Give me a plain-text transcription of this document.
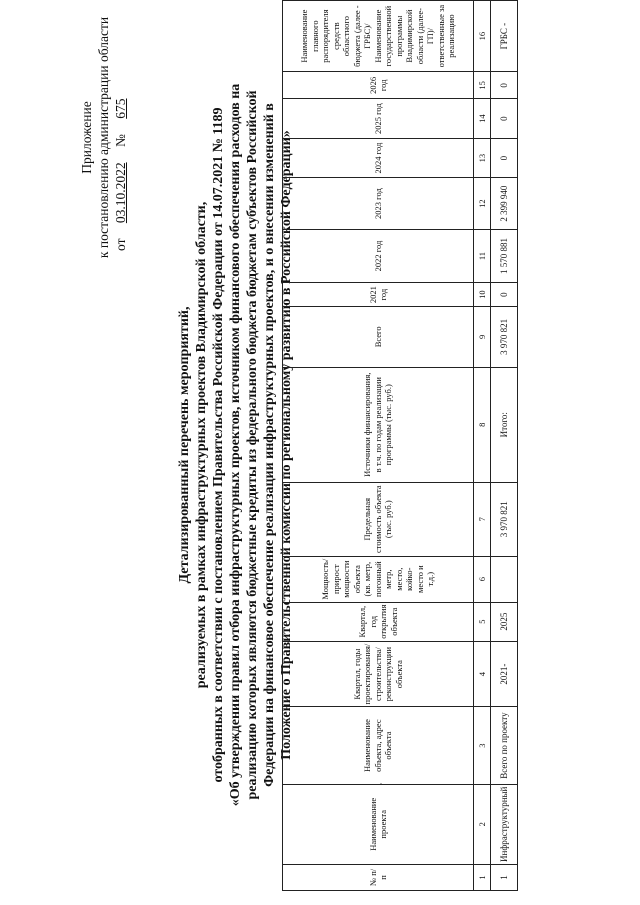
Приложение к постановлению администрации области от 03.10.2022 № 675
Детализированный перечень мероприятий, реализуемых в рамках инфраструктурных проектов Владимирской области, отобранных в соответствии с постановлением Правительства Российской Федерации от 14.07.2021 № 1189 «Об утверждении правил отбора инфраструктурных проектов, источником финансового обеспечения расходов на реализацию которых являются бюджетные кредиты из федерального бюджета бюджетам субъектов Российской Федерации на финансовое обеспечение реализации инфраструктурных проектов, и о внесении изменений в Положение о Правительственной комиссии по региональному развитию в Российской Федерации»
№ п/п	Наименование проекта	Наименование объекта, адрес объекта	Квартал, годы проектирования/строительства/реконструкции объекта	Квартал, год открытия объекта	Мощность/прирост мощности объекта (кв. метр, погонный метр, место, койко-место и т.д.)	Предельная стоимость объекта (тыс. руб.)	Источники финансирования, в т.ч. по годам реализации программы (тыс. руб.)	Всего	2021 год	2022 год	2023 год	2024 год	2025 год	2026 год	Наименование главного распорядителя средств областного бюджета (далее - ГРБС)/ Наименование государственной программы Владимирской области (далее-ГП)/ ответственные за реализацию
1	2	3	4	5	6	7	8	9	10	11	12	13	14	15	16
1	Инфраструктурный	Всего по проекту	2021-	2025		3 970 821	Итого:	3 970 821	0	1 570 881	2 399 940	0	0	0	ГРБС -
